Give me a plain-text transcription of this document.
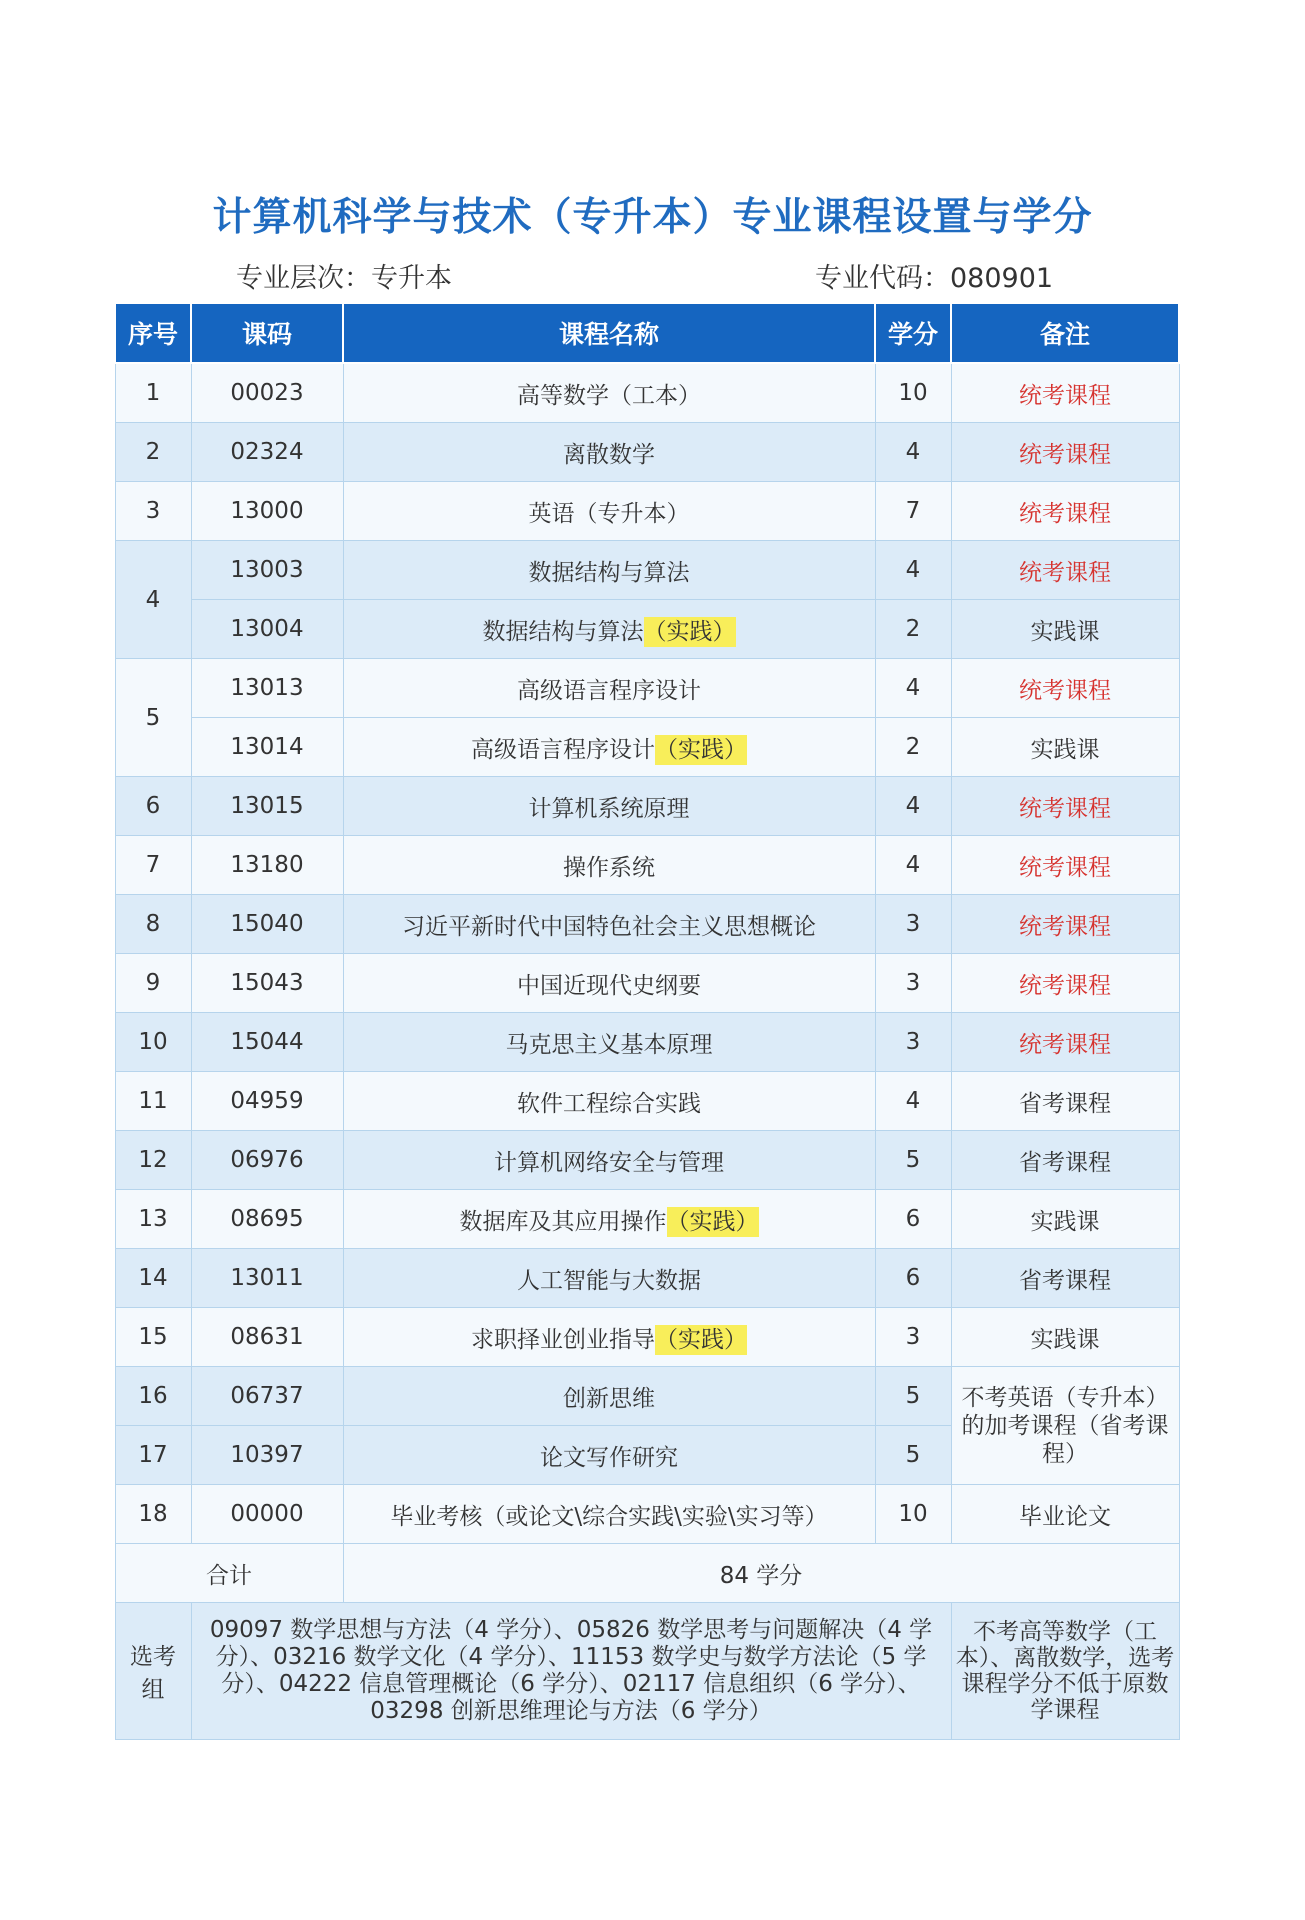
计算机科学与技术（专升本）专业课程设置与学分
专业层次：专升本	专业代码：080901
序号	课码	课程名称	学分	备注
1	00023	高等数学（工本）	10	统考课程
2	02324	离散数学	4	统考课程
3	13000	英语（专升本）	7	统考课程
4	13003	数据结构与算法	4	统考课程
	13004	数据结构与算法（实践）	2	实践课
5	13013	高级语言程序设计	4	统考课程
	13014	高级语言程序设计（实践）	2	实践课
6	13015	计算机系统原理	4	统考课程
7	13180	操作系统	4	统考课程
8	15040	习近平新时代中国特色社会主义思想概论	3	统考课程
9	15043	中国近现代史纲要	3	统考课程
10	15044	马克思主义基本原理	3	统考课程
11	04959	软件工程综合实践	4	省考课程
12	06976	计算机网络安全与管理	5	省考课程
13	08695	数据库及其应用操作（实践）	6	实践课
14	13011	人工智能与大数据	6	省考课程
15	08631	求职择业创业指导（实践）	3	实践课
16	06737	创新思维	5	不考英语（专升本）的加考课程（省考课程）
17	10397	论文写作研究	5	
18	00000	毕业考核（或论文\综合实践\实验\实习等）	10	毕业论文
合计		84 学分		
选考组	09097 数学思想与方法（4 学分）、05826 数学思考与问题解决（4 学分）、03216 数学文化（4 学分）、11153 数学史与数学方法论（5 学分）、04222 信息管理概论（6 学分）、02117 信息组织（6 学分）、03298 创新思维理论与方法（6 学分）			不考高等数学（工本）、离散数学，选考课程学分不低于原数学课程
